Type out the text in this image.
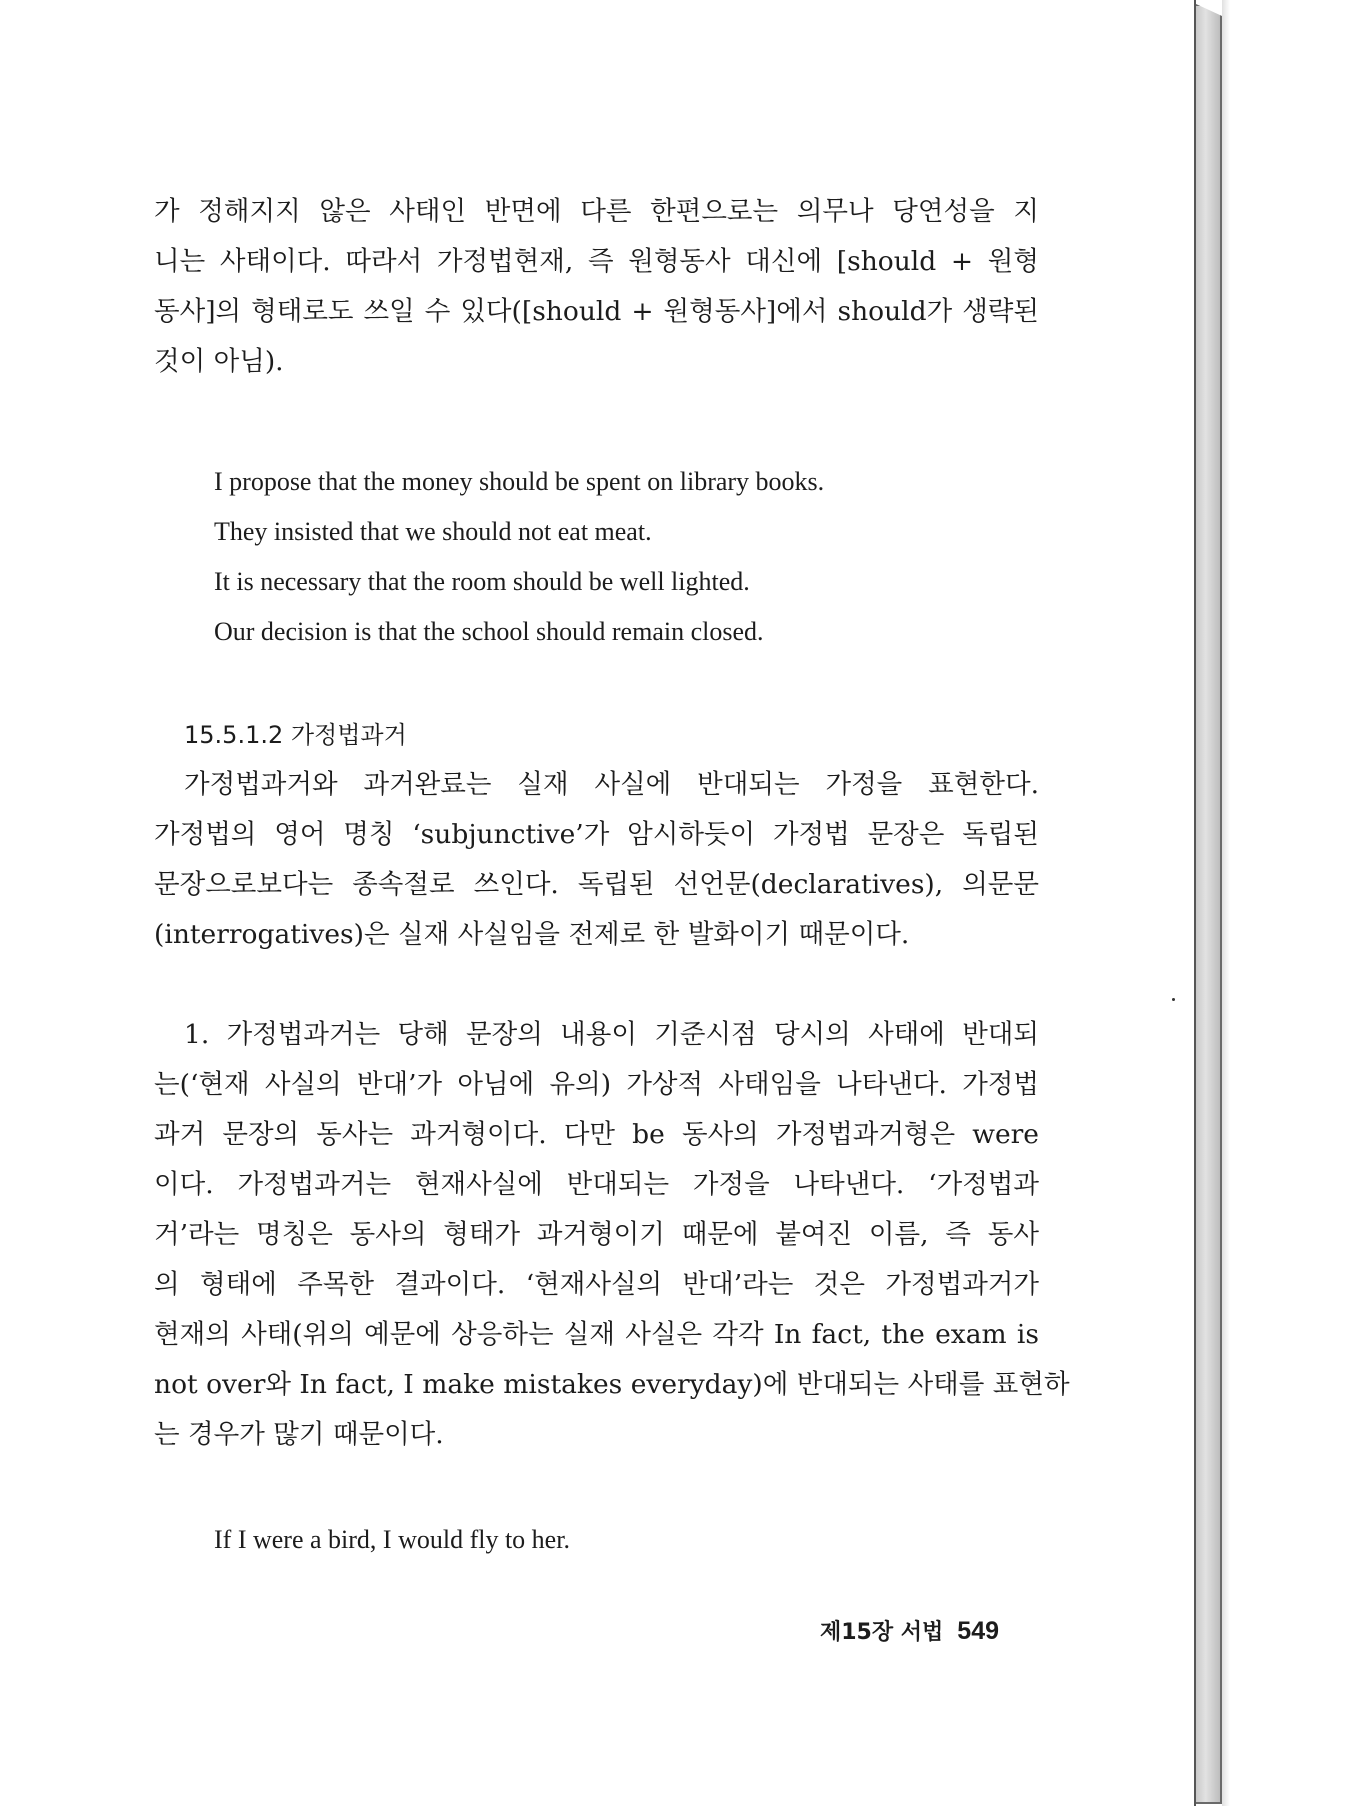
가 정해지지 않은 사태인 반면에 다른 한편으로는 의무나 당연성을 지
니는 사태이다. 따라서 가정법현재, 즉 원형동사 대신에 [should + 원형
동사]의 형태로도 쓰일 수 있다([should + 원형동사]에서 should가 생략된
것이 아님).
I propose that the money should be spent on library books.
They insisted that we should not eat meat.
It is necessary that the room should be well lighted.
Our decision is that the school should remain closed.
15.5.1.2 가정법과거
가정법과거와 과거완료는 실재 사실에 반대되는 가정을 표현한다.
가정법의 영어 명칭 ‘subjunctive’가 암시하듯이 가정법 문장은 독립된
문장으로보다는 종속절로 쓰인다. 독립된 선언문(declaratives), 의문문
(interrogatives)은 실재 사실임을 전제로 한 발화이기 때문이다.
1. 가정법과거는 당해 문장의 내용이 기준시점 당시의 사태에 반대되
는(‘현재 사실의 반대’가 아님에 유의) 가상적 사태임을 나타낸다. 가정법
과거 문장의 동사는 과거형이다. 다만 be 동사의 가정법과거형은 were
이다. 가정법과거는 현재사실에 반대되는 가정을 나타낸다. ‘가정법과
거’라는 명칭은 동사의 형태가 과거형이기 때문에 붙여진 이름, 즉 동사
의 형태에 주목한 결과이다. ‘현재사실의 반대’라는 것은 가정법과거가
현재의 사태(위의 예문에 상응하는 실재 사실은 각각 In fact, the exam is
not over와 In fact, I make mistakes everyday)에 반대되는 사태를 표현하
는 경우가 많기 때문이다.
If I were a bird, I would fly to her.
제15장 서법 549
